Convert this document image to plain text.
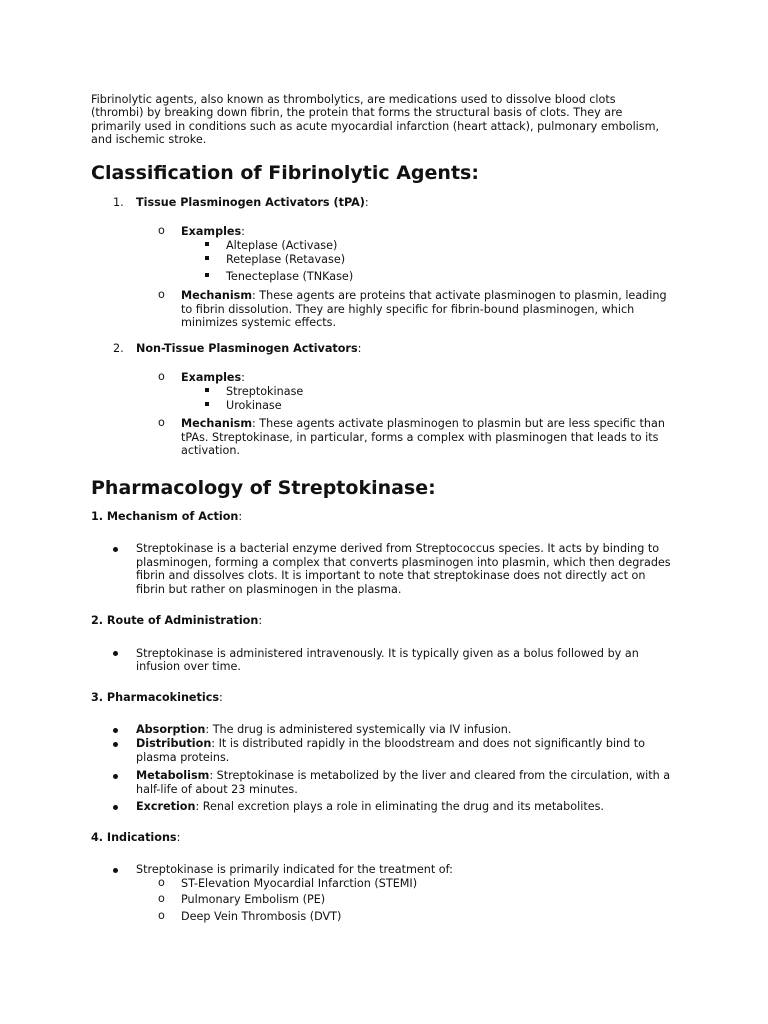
Fibrinolytic agents, also known as thrombolytics, are medications used to dissolve blood clots
(thrombi) by breaking down fibrin, the protein that forms the structural basis of clots. They are
primarily used in conditions such as acute myocardial infarction (heart attack), pulmonary embolism,
and ischemic stroke.
Classification of Fibrinolytic Agents:
1. Tissue Plasminogen Activators (tPA):
o Examples:
Alteplase (Activase)
Reteplase (Retavase)
Tenecteplase (TNKase)
o Mechanism: These agents are proteins that activate plasminogen to plasmin, leading
to fibrin dissolution. They are highly specific for fibrin-bound plasminogen, which
minimizes systemic effects.
2. Non-Tissue Plasminogen Activators:
o Examples:
Streptokinase
Urokinase
o Mechanism: These agents activate plasminogen to plasmin but are less specific than
tPAs. Streptokinase, in particular, forms a complex with plasminogen that leads to its
activation.
Pharmacology of Streptokinase:
1. Mechanism of Action:
Streptokinase is a bacterial enzyme derived from Streptococcus species. It acts by binding to
plasminogen, forming a complex that converts plasminogen into plasmin, which then degrades
fibrin and dissolves clots. It is important to note that streptokinase does not directly act on
fibrin but rather on plasminogen in the plasma.
2. Route of Administration:
Streptokinase is administered intravenously. It is typically given as a bolus followed by an
infusion over time.
3. Pharmacokinetics:
Absorption: The drug is administered systemically via IV infusion.
Distribution: It is distributed rapidly in the bloodstream and does not significantly bind to
plasma proteins.
Metabolism: Streptokinase is metabolized by the liver and cleared from the circulation, with a
half-life of about 23 minutes.
Excretion: Renal excretion plays a role in eliminating the drug and its metabolites.
4. Indications:
Streptokinase is primarily indicated for the treatment of:
o ST-Elevation Myocardial Infarction (STEMI)
o Pulmonary Embolism (PE)
o Deep Vein Thrombosis (DVT)
